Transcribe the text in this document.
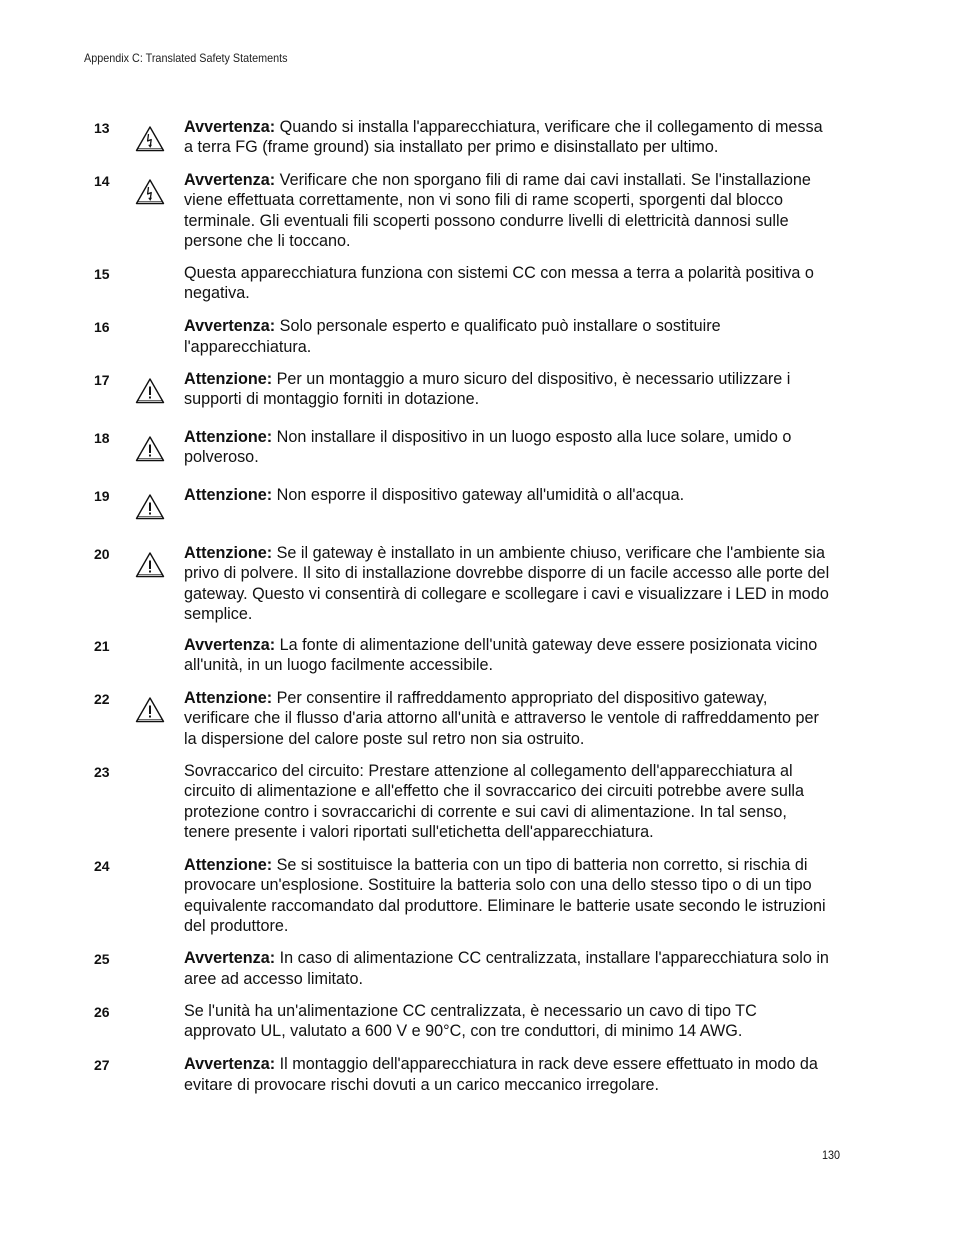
Appendix C: Translated Safety Statements
13	Avvertenza: Quando si installa l'apparecchiatura, verificare che il collegamento di messa a terra FG (frame ground) sia installato per primo e disinstallato per ultimo.
14	Avvertenza: Verificare che non sporgano fili di rame dai cavi installati. Se l'installazione viene effettuata correttamente, non vi sono fili di rame scoperti, sporgenti dal blocco terminale. Gli eventuali fili scoperti possono condurre livelli di elettricità dannosi sulle persone che li toccano.
15	Questa apparecchiatura funziona con sistemi CC con messa a terra a polarità positiva o negativa.
16	Avvertenza: Solo personale esperto e qualificato può installare o sostituire l'apparecchiatura.
17	Attenzione: Per un montaggio a muro sicuro del dispositivo, è necessario utilizzare i supporti di montaggio forniti in dotazione.
18	Attenzione: Non installare il dispositivo in un luogo esposto alla luce solare, umido o polveroso.
19	Attenzione: Non esporre il dispositivo gateway all'umidità o all'acqua.
20	Attenzione: Se il gateway è installato in un ambiente chiuso, verificare che l'ambiente sia privo di polvere. Il sito di installazione dovrebbe disporre di un facile accesso alle porte del gateway. Questo vi consentirà di collegare e scollegare i cavi e visualizzare i LED in modo semplice.
21	Avvertenza: La fonte di alimentazione dell'unità gateway deve essere posizionata vicino all'unità, in un luogo facilmente accessibile.
22	Attenzione: Per consentire il raffreddamento appropriato del dispositivo gateway, verificare che il flusso d'aria attorno all'unità e attraverso le ventole di raffreddamento per la dispersione del calore poste sul retro non sia ostruito.
23	Sovraccarico del circuito: Prestare attenzione al collegamento dell'apparecchiatura al circuito di alimentazione e all'effetto che il sovraccarico dei circuiti potrebbe avere sulla protezione contro i sovraccarichi di corrente e sui cavi di alimentazione. In tal senso, tenere presente i valori riportati sull'etichetta dell'apparecchiatura.
24	Attenzione: Se si sostituisce la batteria con un tipo di batteria non corretto, si rischia di provocare un'esplosione. Sostituire la batteria solo con una dello stesso tipo o di un tipo equivalente raccomandato dal produttore. Eliminare le batterie usate secondo le istruzioni del produttore.
25	Avvertenza: In caso di alimentazione CC centralizzata, installare l'apparecchiatura solo in aree ad accesso limitato.
26	Se l'unità ha un'alimentazione CC centralizzata, è necessario un cavo di tipo TC approvato UL, valutato a 600 V e 90°C, con tre conduttori, di minimo 14 AWG.
27	Avvertenza: Il montaggio dell'apparecchiatura in rack deve essere effettuato in modo da evitare di provocare rischi dovuti a un carico meccanico irregolare.
130
